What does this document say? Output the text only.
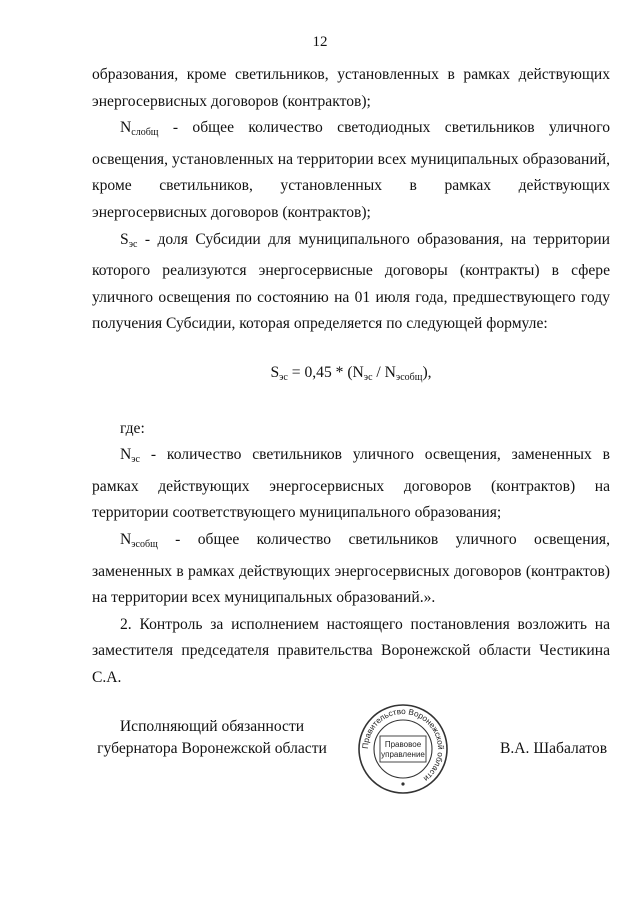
12

образования, кроме светильников, установленных в рамках действующих энергосервисных договоров (контрактов);

$N_{слобщ}$ - общее количество светодиодных светильников уличного освещения, установленных на территории всех муниципальных образований, кроме светильников, установленных в рамках действующих энергосервисных договоров (контрактов);

$S_{эс}$ - доля Субсидии для муниципального образования, на территории которого реализуются энергосервисные договоры (контракты) в сфере уличного освещения по состоянию на 01 июля года, предшествующего году получения Субсидии, которая определяется по следующей формуле:

$S_{эс} = 0,45 * (N_{эс} / N_{эсобщ})$,

где:

$N_{эс}$ - количество светильников уличного освещения, замененных в рамках действующих энергосервисных договоров (контрактов) на территории соответствующего муниципального образования;

$N_{эсобщ}$ - общее количество светильников уличного освещения, замененных в рамках действующих энергосервисных договоров (контрактов) на территории всех муниципальных образований.».

2. Контроль за исполнением настоящего постановления возложить на заместителя председателя правительства Воронежской области Честикина С.А.

Исполняющий обязанности
губернатора Воронежской области	Правительство Воронежской области
Правовое
управление	В.А. Шабалатов
